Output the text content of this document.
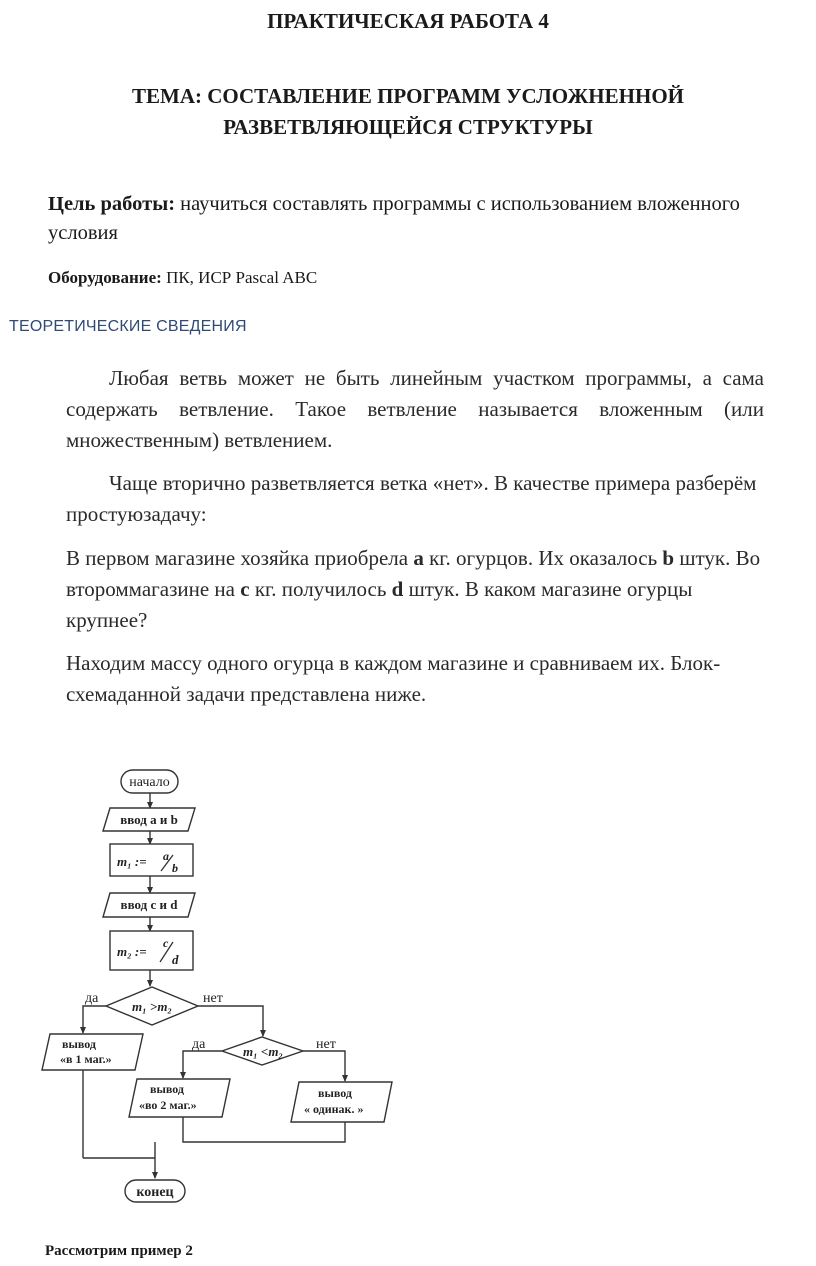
ПРАКТИЧЕСКАЯ РАБОТА 4
ТЕМА: СОСТАВЛЕНИЕ ПРОГРАММ УСЛОЖНЕННОЙ
РАЗВЕТВЛЯЮЩЕЙСЯ СТРУКТУРЫ
Цель работы: научиться составлять программы с использованием вложенного условия
Оборудование: ПК, ИСР Pascal ABC
ТЕОРЕТИЧЕСКИЕ СВЕДЕНИЯ
Любая ветвь может не быть линейным участком программы, а сама содержать ветвление. Такое ветвление называется вложенным (или множественным) ветвлением.
Чаще вторично разветвляется ветка «нет». В качестве примера разберём простуюзадачу:
В первом магазине хозяйка приобрела a кг. огурцов. Их оказалось b штук. Во второммагазине на c кг. получилось d штук. В каком магазине огурцы крупнее?
Находим массу одного огурца в каждом магазине и сравниваем их. Блок-схемаданной задачи представлена ниже.
начало
ввод a и b
m₁ := a
b
ввод c и d
m₂ :=
c
d
m₁ >m₂
да	нет
вывод
«в 1 маг.»	m₁ <m₂
да	нет
вывод
«во 2 маг.»
вывод
« одинак. »
конец
Рассмотрим пример 2
